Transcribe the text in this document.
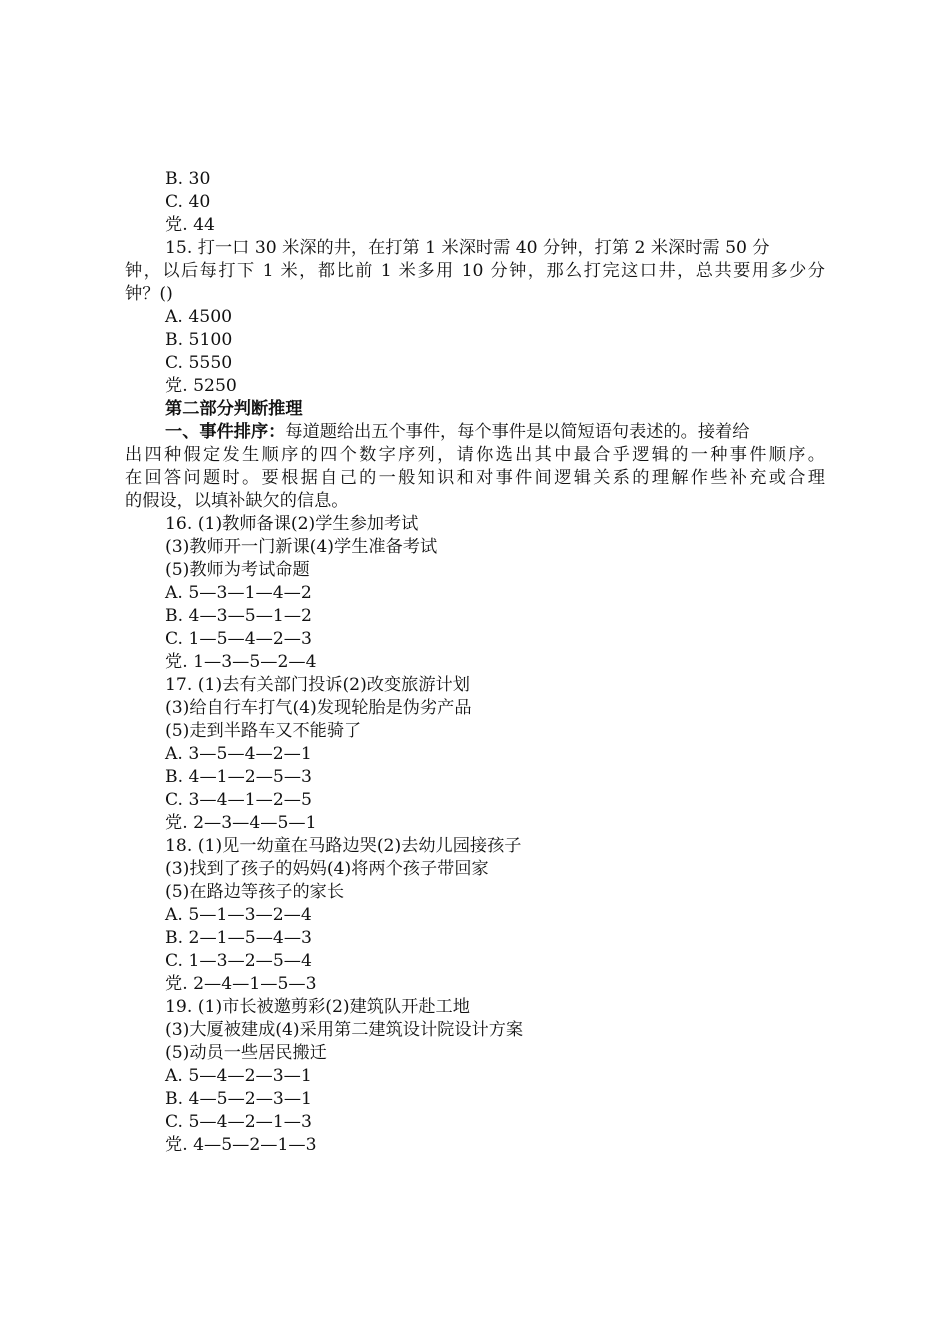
B. 30
C. 40
党. 44
15. 打一口 30 米深的井，在打第 1 米深时需 40 分钟，打第 2 米深时需 50 分
钟，以后每打下 1 米，都比前 1 米多用 10 分钟，那么打完这口井，总共要用多少分
钟？()
A. 4500
B. 5100
C. 5550
党. 5250
第二部分判断推理
一、事件排序：每道题给出五个事件，每个事件是以简短语句表述的。接着给
出四种假定发生顺序的四个数字序列，请你选出其中最合乎逻辑的一种事件顺序。
在回答问题时。要根据自己的一般知识和对事件间逻辑关系的理解作些补充或合理
的假设，以填补缺欠的信息。
16. (1)教师备课(2)学生参加考试
(3)教师开一门新课(4)学生准备考试
(5)教师为考试命题
A. 5—3—1—4—2
B. 4—3—5—1—2
C. 1—5—4—2—3
党. 1—3—5—2—4
17. (1)去有关部门投诉(2)改变旅游计划
(3)给自行车打气(4)发现轮胎是伪劣产品
(5)走到半路车又不能骑了
A. 3—5—4—2—1
B. 4—1—2—5—3
C. 3—4—1—2—5
党. 2—3—4—5—1
18. (1)见一幼童在马路边哭(2)去幼儿园接孩子
(3)找到了孩子的妈妈(4)将两个孩子带回家
(5)在路边等孩子的家长
A. 5—1—3—2—4
B. 2—1—5—4—3
C. 1—3—2—5—4
党. 2—4—1—5—3
19. (1)市长被邀剪彩(2)建筑队开赴工地
(3)大厦被建成(4)采用第二建筑设计院设计方案
(5)动员一些居民搬迁
A. 5—4—2—3—1
B. 4—5—2—3—1
C. 5—4—2—1—3
党. 4—5—2—1—3
